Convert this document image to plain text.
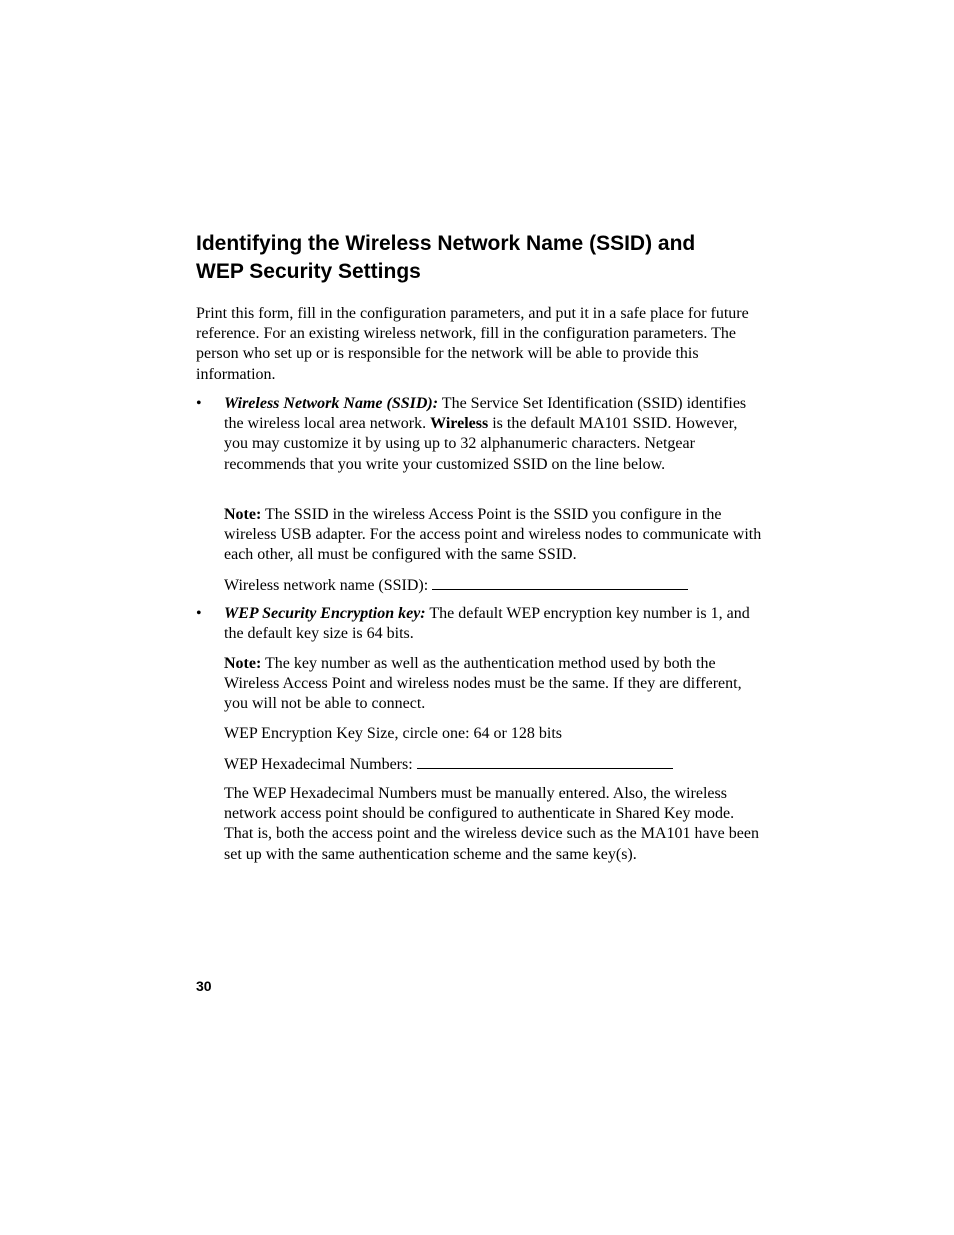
Identifying the Wireless Network Name (SSID) and
WEP Security Settings
Print this form, fill in the configuration parameters, and put it in a safe place for future reference. For an existing wireless network, fill in the configuration parameters. The person who set up or is responsible for the network will be able to provide this information.
• Wireless Network Name (SSID): The Service Set Identification (SSID) identifies the wireless local area network. Wireless is the default MA101 SSID. However, you may customize it by using up to 32 alphanumeric characters. Netgear recommends that you write your customized SSID on the line below.
Note: The SSID in the wireless Access Point is the SSID you configure in the wireless USB adapter. For the access point and wireless nodes to communicate with each other, all must be configured with the same SSID.
Wireless network name (SSID):
• WEP Security Encryption key: The default WEP encryption key number is 1, and the default key size is 64 bits.
Note: The key number as well as the authentication method used by both the Wireless Access Point and wireless nodes must be the same. If they are different, you will not be able to connect.
WEP Encryption Key Size, circle one: 64 or 128 bits
WEP Hexadecimal Numbers:
The WEP Hexadecimal Numbers must be manually entered. Also, the wireless network access point should be configured to authenticate in Shared Key mode. That is, both the access point and the wireless device such as the MA101 have been set up with the same authentication scheme and the same key(s).
30
